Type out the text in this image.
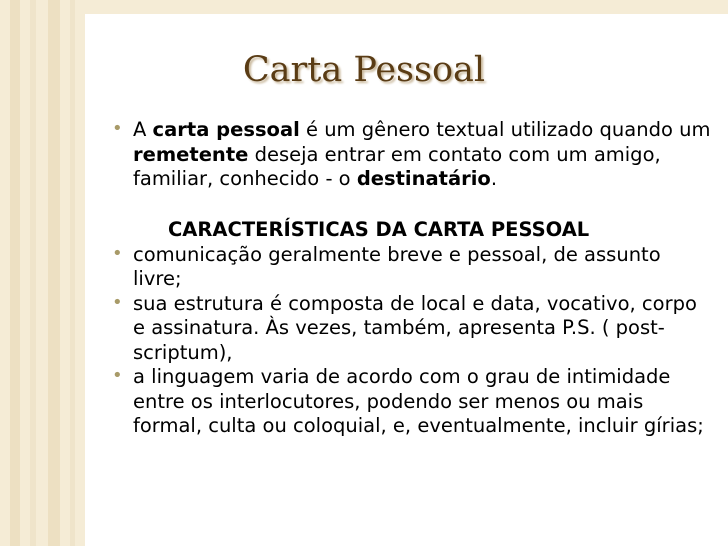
Carta Pessoal
• A carta pessoal é um gênero textual utilizado quando um remetente deseja entrar em contato com um amigo, familiar, conhecido - o destinatário.
CARACTERÍSTICAS DA CARTA PESSOAL
• comunicação geralmente breve e pessoal, de assunto livre;
• sua estrutura é composta de local e data, vocativo, corpo e assinatura. Às vezes, também, apresenta P.S. ( post-scriptum),
• a linguagem varia de acordo com o grau de intimidade entre os interlocutores, podendo ser menos ou mais formal, culta ou coloquial, e, eventualmente, incluir gírias;
